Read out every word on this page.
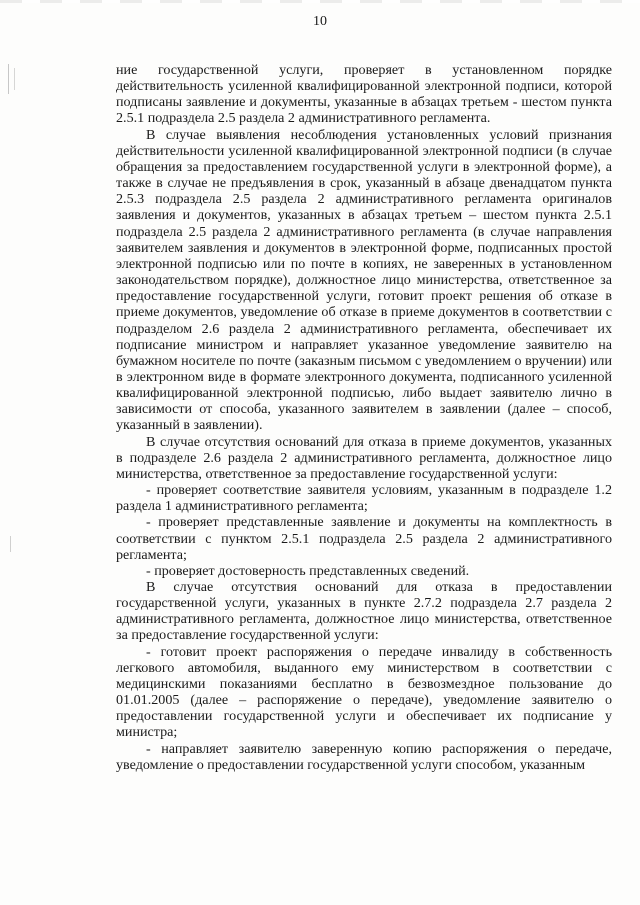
10

ние государственной услуги, проверяет в установленном порядке действительность усиленной квалифицированной электронной подписи, которой подписаны заявление и документы, указанные в абзацах третьем - шестом пункта 2.5.1 подраздела 2.5 раздела 2 административного регламента.

В случае выявления несоблюдения установленных условий признания действительности усиленной квалифицированной электронной подписи (в случае обращения за предоставлением государственной услуги в электронной форме), а также в случае не предъявления в срок, указанный в абзаце двенадцатом пункта 2.5.3 подраздела 2.5 раздела 2 административного регламента оригиналов заявления и документов, указанных в абзацах третьем – шестом пункта 2.5.1 подраздела 2.5 раздела 2 административного регламента (в случае направления заявителем заявления и документов в электронной форме, подписанных простой электронной подписью или по почте в копиях, не заверенных в установленном законодательством порядке), должностное лицо министерства, ответственное за предоставление государственной услуги, готовит проект решения об отказе в приеме документов, уведомление об отказе в приеме документов в соответствии с подразделом 2.6 раздела 2 административного регламента, обеспечивает их подписание министром и направляет указанное уведомление заявителю на бумажном носителе по почте (заказным письмом с уведомлением о вручении) или в электронном виде в формате электронного документа, подписанного усиленной квалифицированной электронной подписью, либо выдает заявителю лично в зависимости от способа, указанного заявителем в заявлении (далее – способ, указанный в заявлении).

В случае отсутствия оснований для отказа в приеме документов, указанных в подразделе 2.6 раздела 2 административного регламента, должностное лицо министерства, ответственное за предоставление государственной услуги:

- проверяет соответствие заявителя условиям, указанным в подразделе 1.2 раздела 1 административного регламента;

- проверяет представленные заявление и документы на комплектность в соответствии с пунктом 2.5.1 подраздела 2.5 раздела 2 административного регламента;

- проверяет достоверность представленных сведений.

В случае отсутствия оснований для отказа в предоставлении государственной услуги, указанных в пункте 2.7.2 подраздела 2.7 раздела 2 административного регламента, должностное лицо министерства, ответственное за предоставление государственной услуги:

- готовит проект распоряжения о передаче инвалиду в собственность легкового автомобиля, выданного ему министерством в соответствии с медицинскими показаниями бесплатно в безвозмездное пользование до 01.01.2005 (далее – распоряжение о передаче), уведомление заявителю о предоставлении государственной услуги и обеспечивает их подписание у министра;

- направляет заявителю заверенную копию распоряжения о передаче, уведомление о предоставлении государственной услуги способом, указанным
